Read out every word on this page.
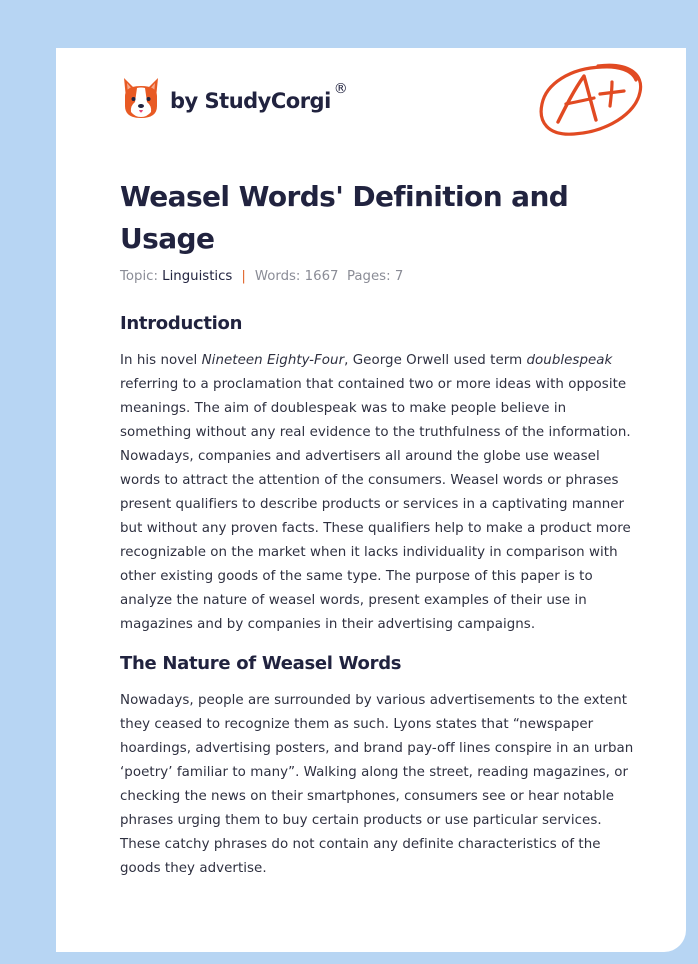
by StudyCorgi ®
Weasel Words' Definition and Usage
Topic: Linguistics | Words: 1667 Pages: 7
Introduction

In his novel Nineteen Eighty-Four, George Orwell used term doublespeak referring to a proclamation that contained two or more ideas with opposite meanings. The aim of doublespeak was to make people believe in something without any real evidence to the truthfulness of the information. Nowadays, companies and advertisers all around the globe use weasel words to attract the attention of the consumers. Weasel words or phrases present qualifiers to describe products or services in a captivating manner but without any proven facts. These qualifiers help to make a product more recognizable on the market when it lacks individuality in comparison with other existing goods of the same type. The purpose of this paper is to analyze the nature of weasel words, present examples of their use in magazines and by companies in their advertising campaigns.

The Nature of Weasel Words

Nowadays, people are surrounded by various advertisements to the extent they ceased to recognize them as such. Lyons states that “newspaper hoardings, advertising posters, and brand pay-off lines conspire in an urban ‘poetry’ familiar to many”. Walking along the street, reading magazines, or checking the news on their smartphones, consumers see or hear notable phrases urging them to buy certain products or use particular services. These catchy phrases do not contain any definite characteristics of the goods they advertise.
